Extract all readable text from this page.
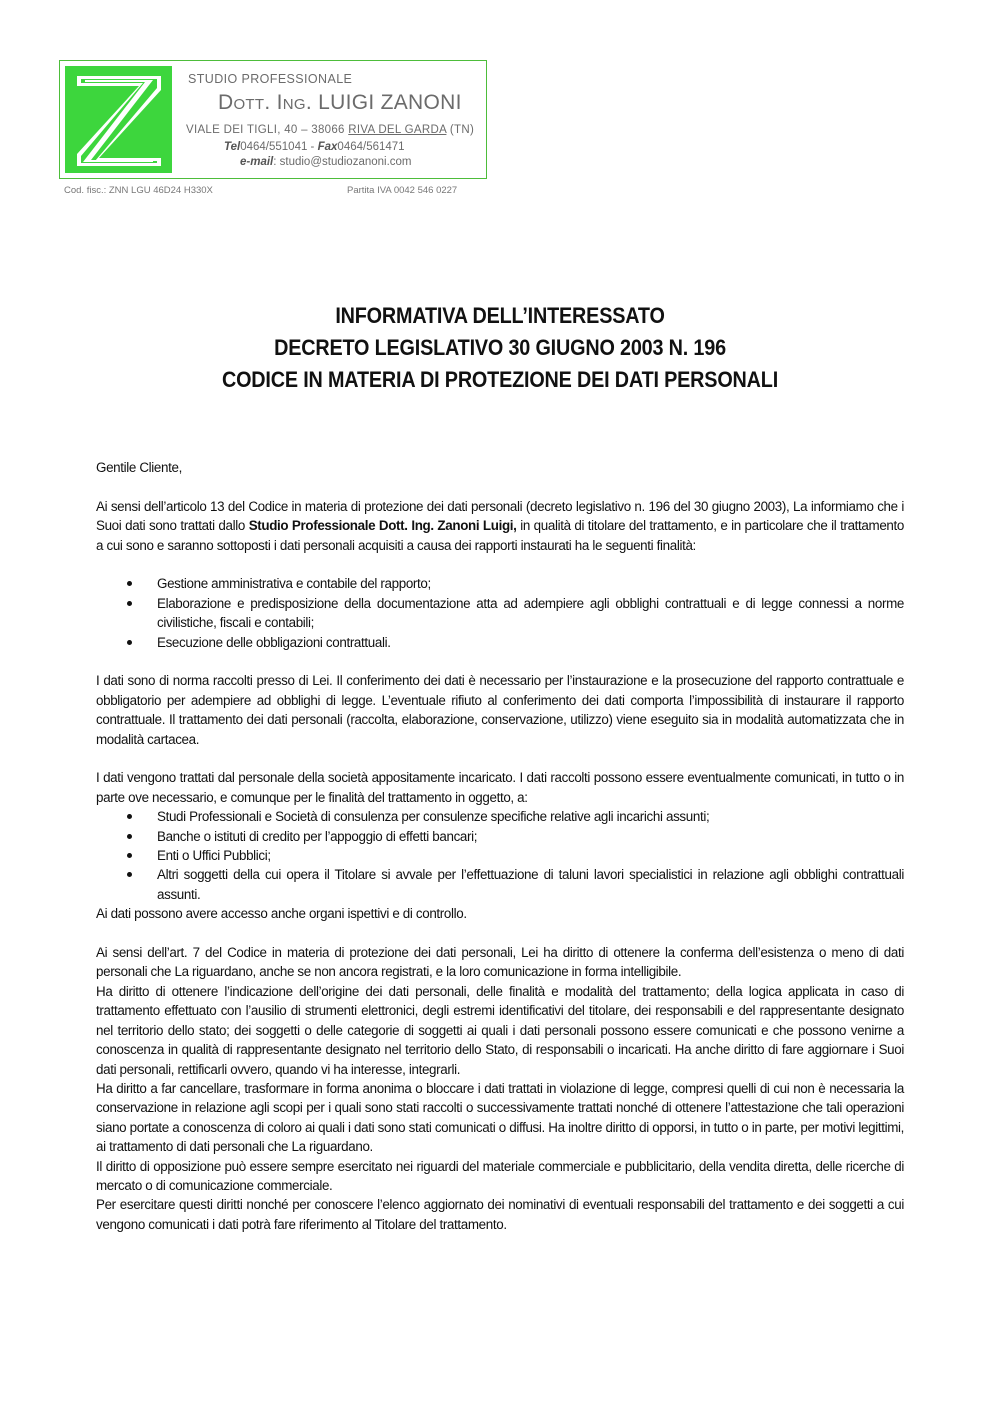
STUDIO PROFESSIONALE
Dott. Ing. LUIGI ZANONI
VIALE DEI TIGLI, 40 – 38066 RIVA DEL GARDA (TN)
Tel0464/551041 - Fax0464/561471
e-mail: studio@studiozanoni.com
Cod. fisc.: ZNN LGU 46D24 H330X	Partita IVA 0042 546 0227
INFORMATIVA DELL’INTERESSATO
DECRETO LEGISLATIVO 30 GIUGNO 2003 N. 196
CODICE IN MATERIA DI PROTEZIONE DEI DATI PERSONALI

Gentile Cliente,

Ai sensi dell’articolo 13 del Codice in materia di protezione dei dati personali (decreto legislativo n. 196 del 30 giugno 2003), La informiamo che i Suoi dati sono trattati dallo Studio Professionale Dott. Ing. Zanoni Luigi, in qualità di titolare del trattamento, e in particolare che il trattamento a cui sono e saranno sottoposti i dati personali acquisiti a causa dei rapporti instaurati ha le seguenti finalità:

Gestione amministrativa e contabile del rapporto;
Elaborazione e predisposizione della documentazione atta ad adempiere agli obblighi contrattuali e di legge connessi a norme civilistiche, fiscali e contabili;
Esecuzione delle obbligazioni contrattuali.

I dati sono di norma raccolti presso di Lei. Il conferimento dei dati è necessario per l’instaurazione e la prosecuzione del rapporto contrattuale e obbligatorio per adempiere ad obblighi di legge. L’eventuale rifiuto al conferimento dei dati comporta l’impossibilità di instaurare il rapporto contrattuale. Il trattamento dei dati personali (raccolta, elaborazione, conservazione, utilizzo) viene eseguito sia in modalità automatizzata che in modalità cartacea.

I dati vengono trattati dal personale della società appositamente incaricato. I dati raccolti possono essere eventualmente comunicati, in tutto o in parte ove necessario, e comunque per le finalità del trattamento in oggetto, a:

Studi Professionali e Società di consulenza per consulenze specifiche relative agli incarichi assunti;
Banche o istituti di credito per l’appoggio di effetti bancari;
Enti o Uffici Pubblici;
Altri soggetti della cui opera il Titolare si avvale per l’effettuazione di taluni lavori specialistici in relazione agli obblighi contrattuali assunti.

Ai dati possono avere accesso anche organi ispettivi e di controllo.

Ai sensi dell’art. 7 del Codice in materia di protezione dei dati personali, Lei ha diritto di ottenere la conferma dell’esistenza o meno di dati personali che La riguardano, anche se non ancora registrati, e la loro comunicazione in forma intelligibile.

Ha diritto di ottenere l’indicazione dell’origine dei dati personali, delle finalità e modalità del trattamento; della logica applicata in caso di trattamento effettuato con l’ausilio di strumenti elettronici, degli estremi identificativi del titolare, dei responsabili e del rappresentante designato nel territorio dello stato; dei soggetti o delle categorie di soggetti ai quali i dati personali possono essere comunicati e che possono venirne a conoscenza in qualità di rappresentante designato nel territorio dello Stato, di responsabili o incaricati. Ha anche diritto di fare aggiornare i Suoi dati personali, rettificarli ovvero, quando vi ha interesse, integrarli.

Ha diritto a far cancellare, trasformare in forma anonima o bloccare i dati trattati in violazione di legge, compresi quelli di cui non è necessaria la conservazione in relazione agli scopi per i quali sono stati raccolti o successivamente trattati nonché di ottenere l’attestazione che tali operazioni siano portate a conoscenza di coloro ai quali i dati sono stati comunicati o diffusi. Ha inoltre diritto di opporsi, in tutto o in parte, per motivi legittimi, ai trattamento di dati personali che La riguardano.

Il diritto di opposizione può essere sempre esercitato nei riguardi del materiale commerciale e pubblicitario, della vendita diretta, delle ricerche di mercato o di comunicazione commerciale.

Per esercitare questi diritti nonché per conoscere l’elenco aggiornato dei nominativi di eventuali responsabili del trattamento e dei soggetti a cui vengono comunicati i dati potrà fare riferimento al Titolare del trattamento.
